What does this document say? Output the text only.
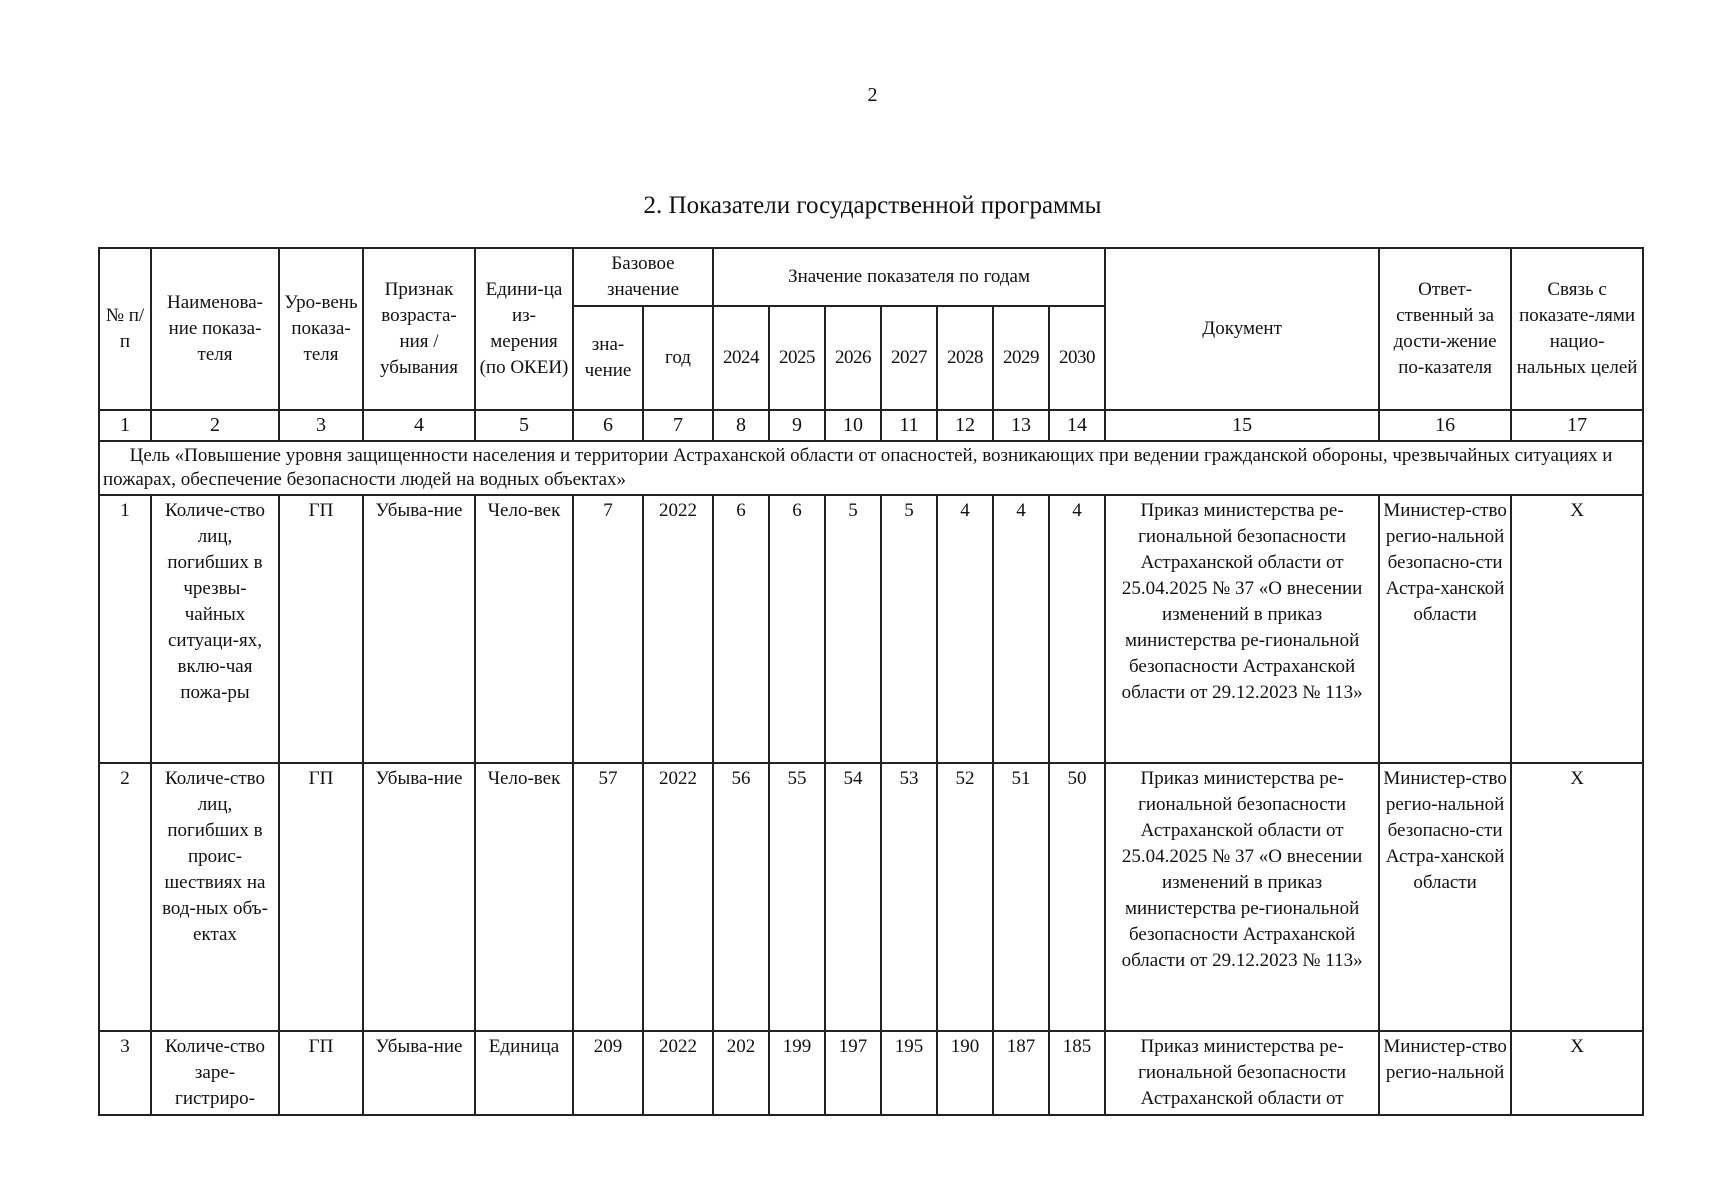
2
2. Показатели государственной программы
№ п/п	Наименова-ние показа-теля	Уро-вень показа-теля	Признак возраста-ния / убывания	Едини-ца из-мерения (по ОКЕИ)	Базовое значение		Значение показателя по годам							Документ	Ответ-ственный за дости-жение по-казателя	Связь с показате-лями нацио-нальных целей
					зна-чение	год	2024	2025	2026	2027	2028	2029	2030			
1	2	3	4	5	6	7	8	9	10	11	12	13	14	15	16	17
Цель «Повышение уровня защищенности населения и территории Астраханской области от опасностей, возникающих при ведении гражданской обороны, чрезвычайных ситуациях и пожарах, обеспечение безопасности людей на водных объектах»																
1	Количе-ство лиц, погибших в чрезвы-чайных ситуаци-ях, вклю-чая пожа-ры	ГП	Убыва-ние	Чело-век	7	2022	6	6	5	5	4	4	4	Приказ министерства ре-гиональной безопасности Астраханской области от 25.04.2025 № 37 «О внесении изменений в приказ министерства ре-гиональной безопасности Астраханской области от 29.12.2023 № 113»	Министер-ство регио-нальной безопасно-сти Астра-ханской области	X
2	Количе-ство лиц, погибших в проис-шествиях на вод-ных объ-ектах	ГП	Убыва-ние	Чело-век	57	2022	56	55	54	53	52	51	50	Приказ министерства ре-гиональной безопасности Астраханской области от 25.04.2025 № 37 «О внесении изменений в приказ министерства ре-гиональной безопасности Астраханской области от 29.12.2023 № 113»	Министер-ство регио-нальной безопасно-сти Астра-ханской области	X
3	Количе-ство заре-гистриро-	ГП	Убыва-ние	Единица	209	2022	202	199	197	195	190	187	185	Приказ министерства ре-гиональной безопасности Астраханской области от	Министер-ство регио-нальной	X
